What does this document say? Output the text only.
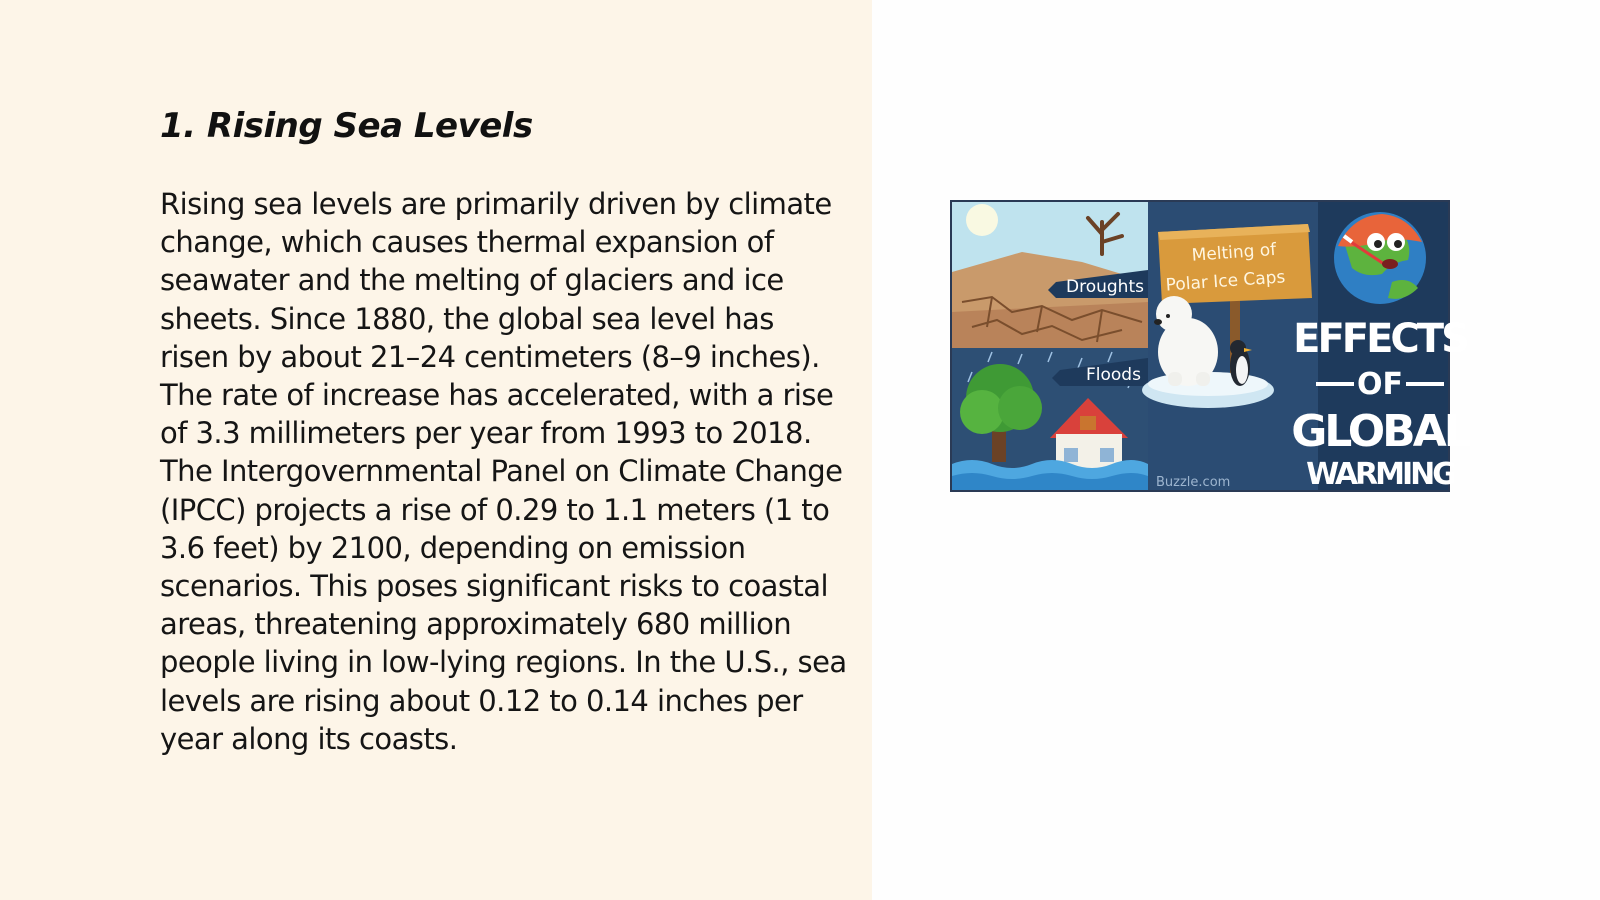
1. Rising Sea Levels

Rising sea levels are primarily driven by climate change, which causes thermal expansion of seawater and the melting of glaciers and ice sheets. Since 1880, the global sea level has risen by about 21–24 centimeters (8–9 inches). The rate of increase has accelerated, with a rise of 3.3 millimeters per year from 1993 to 2018. The Intergovernmental Panel on Climate Change (IPCC) projects a rise of 0.29 to 1.1 meters (1 to 3.6 feet) by 2100, depending on emission scenarios. This poses significant risks to coastal areas, threatening approximately 680 million people living in low-lying regions. In the U.S., sea levels are rising about 0.12 to 0.14 inches per year along its coasts.

Droughts
Floods
Melting of
Polar Ice Caps
EFFECTS
OF
GLOBAL
WARMING
Buzzle.com
